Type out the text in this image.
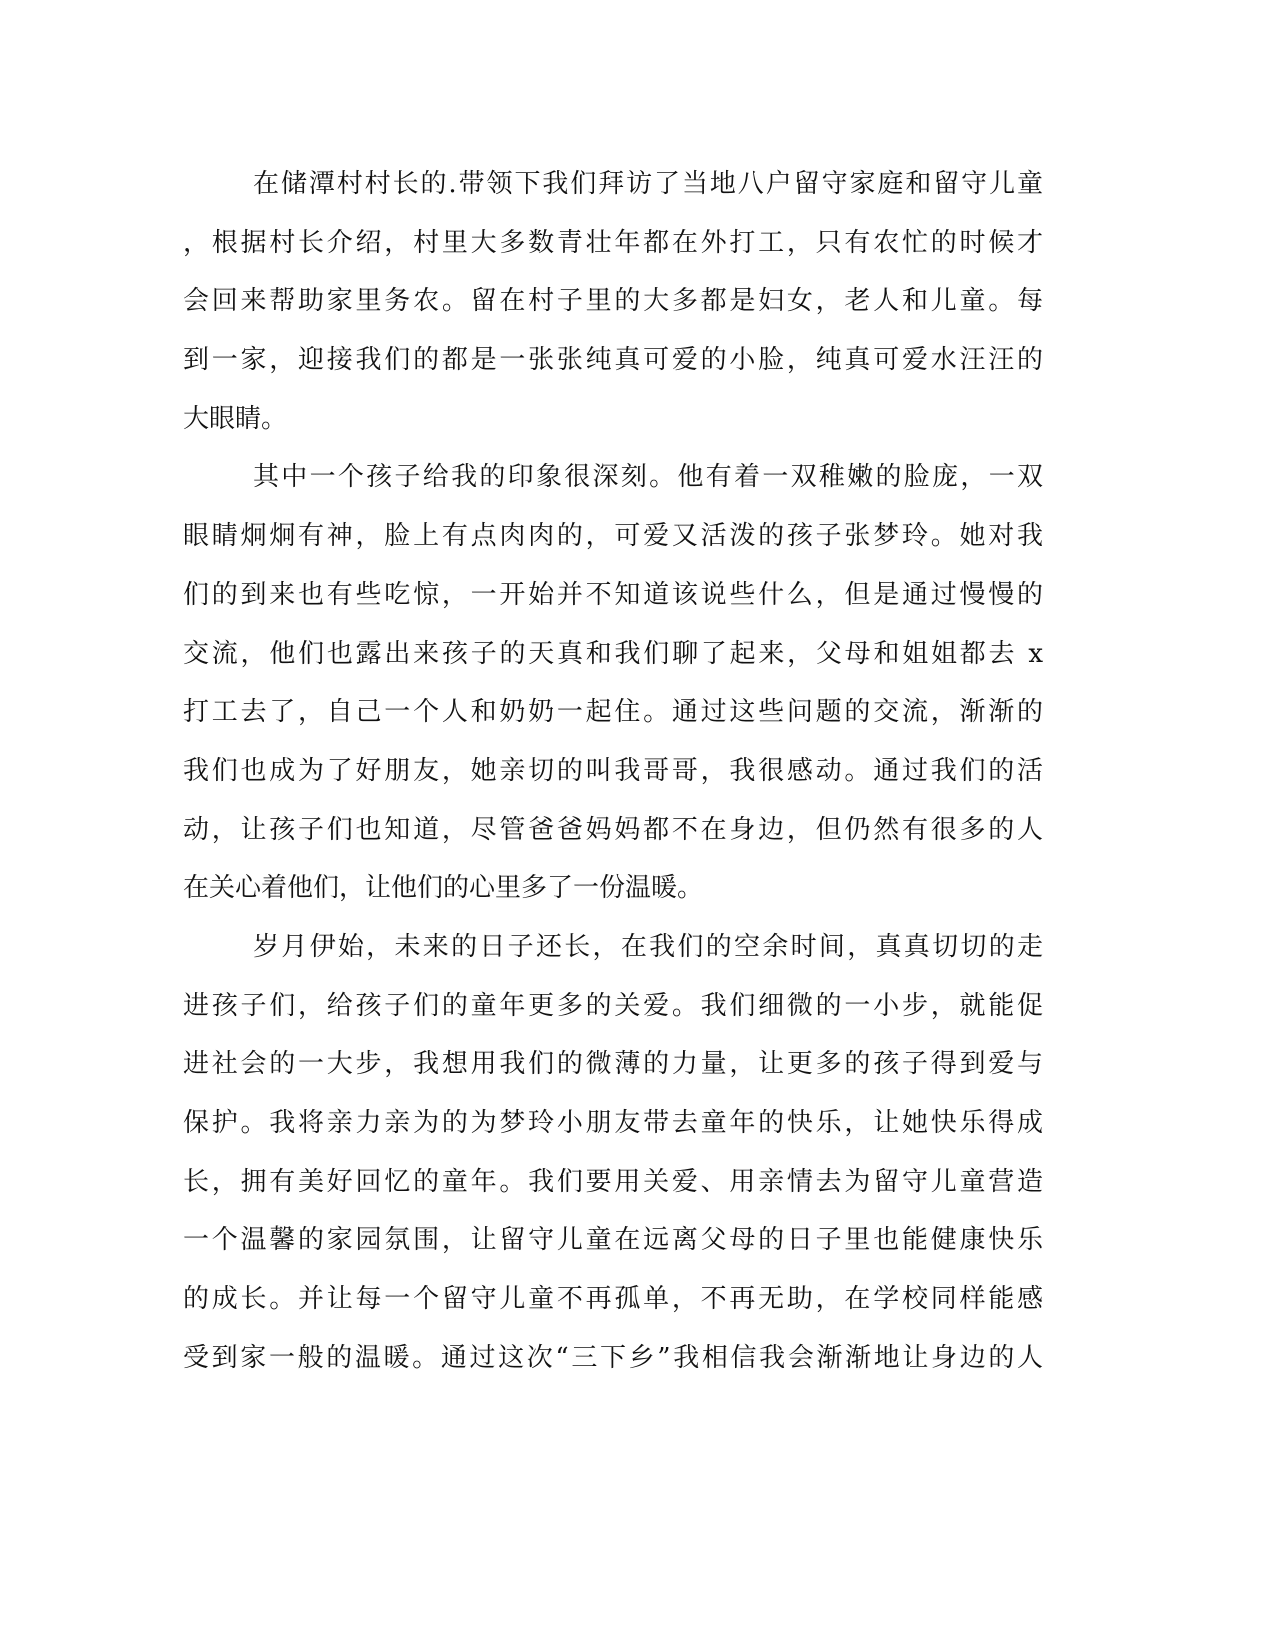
在储潭村村长的.带领下我们拜访了当地八户留守家庭和留守儿童
，根据村长介绍，村里大多数青壮年都在外打工，只有农忙的时候才
会回来帮助家里务农。留在村子里的大多都是妇女，老人和儿童。每
到一家，迎接我们的都是一张张纯真可爱的小脸，纯真可爱水汪汪的
大眼睛。
其中一个孩子给我的印象很深刻。他有着一双稚嫩的脸庞，一双
眼睛炯炯有神，脸上有点肉肉的，可爱又活泼的孩子张梦玲。她对我
们的到来也有些吃惊，一开始并不知道该说些什么，但是通过慢慢的
交流，他们也露出来孩子的天真和我们聊了起来，父母和姐姐都去 x
打工去了，自己一个人和奶奶一起住。通过这些问题的交流，渐渐的
我们也成为了好朋友，她亲切的叫我哥哥，我很感动。通过我们的活
动，让孩子们也知道，尽管爸爸妈妈都不在身边，但仍然有很多的人
在关心着他们，让他们的心里多了一份温暖。
岁月伊始，未来的日子还长，在我们的空余时间，真真切切的走
进孩子们，给孩子们的童年更多的关爱。我们细微的一小步，就能促
进社会的一大步，我想用我们的微薄的力量，让更多的孩子得到爱与
保护。我将亲力亲为的为梦玲小朋友带去童年的快乐，让她快乐得成
长，拥有美好回忆的童年。我们要用关爱、用亲情去为留守儿童营造
一个温馨的家园氛围，让留守儿童在远离父母的日子里也能健康快乐
的成长。并让每一个留守儿童不再孤单，不再无助，在学校同样能感
受到家一般的温暖。通过这次“三下乡”我相信我会渐渐地让身边的人
